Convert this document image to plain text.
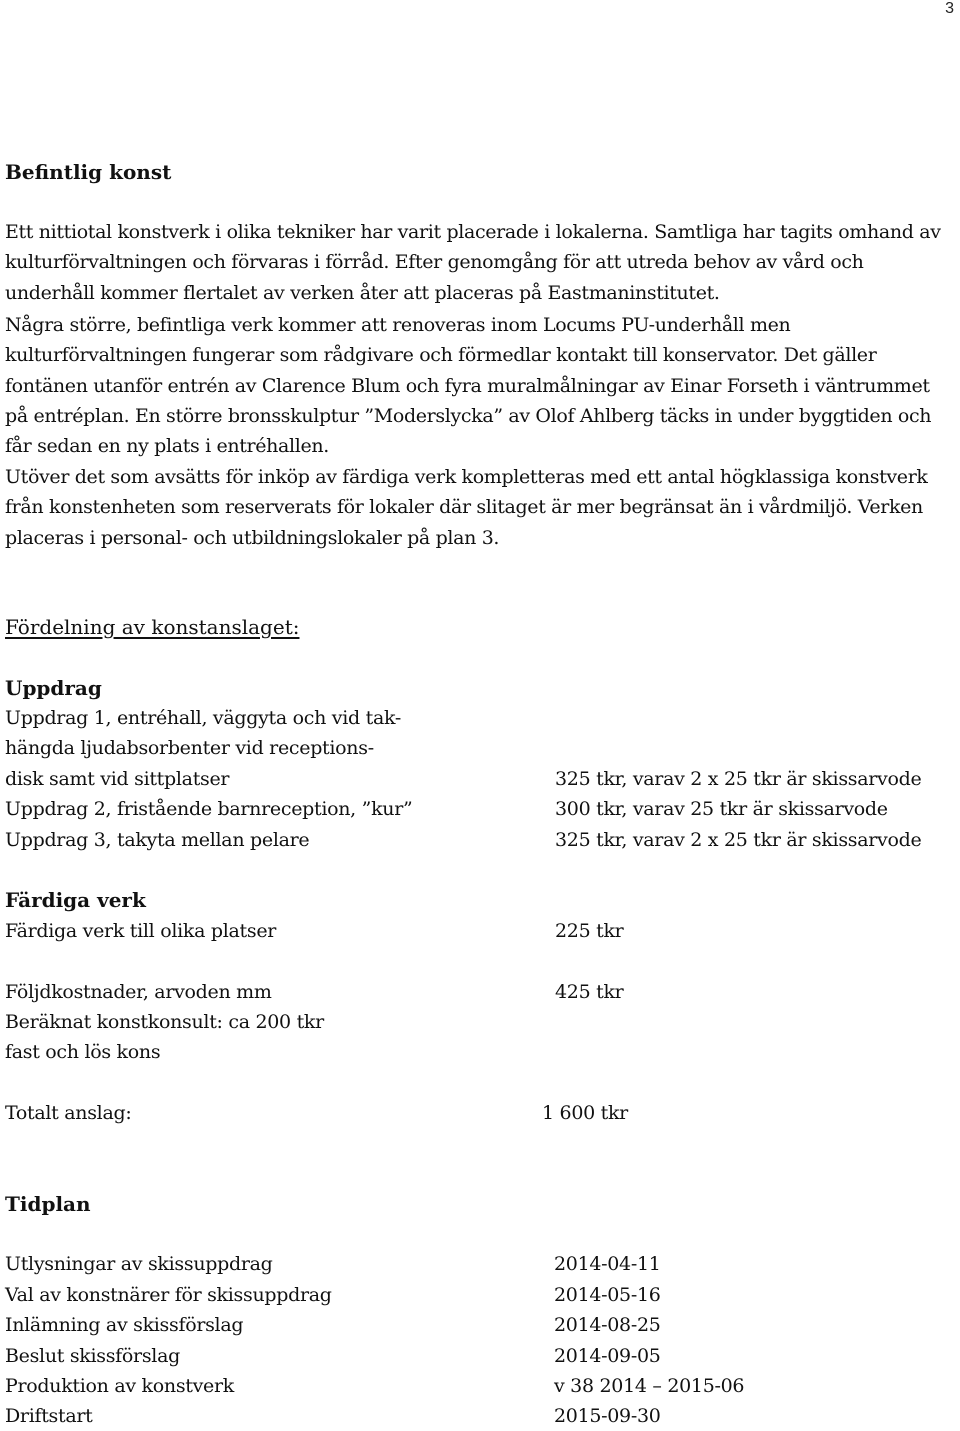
3
Befintlig konst
Ett nittiotal konstverk i olika tekniker har varit placerade i lokalerna. Samtliga har tagits omhand av kulturförvaltningen och förvaras i förråd. Efter genomgång för att utreda behov av vård och underhåll kommer flertalet av verken åter att placeras på Eastmaninstitutet.
Några större, befintliga verk kommer att renoveras inom Locums PU-underhåll men kulturförvaltningen fungerar som rådgivare och förmedlar kontakt till konservator. Det gäller fontänen utanför entrén av Clarence Blum och fyra muralmålningar av Einar Forseth i väntrummet på entréplan. En större bronsskulptur ”Moderslycka” av Olof Ahlberg täcks in under byggtiden och får sedan en ny plats i entréhallen.
Utöver det som avsätts för inköp av färdiga verk kompletteras med ett antal högklassiga konstverk från konstenheten som reserverats för lokaler där slitaget är mer begränsat än i vårdmiljö. Verken placeras i personal- och utbildningslokaler på plan 3.
Fördelning av konstanslaget:
Uppdrag
Uppdrag 1, entréhall, väggyta och vid tak-
hängda ljudabsorbenter vid receptions-
disk samt vid sittplatser	325 tkr, varav 2 x 25 tkr är skissarvode
Uppdrag 2, fristående barnreception, ”kur”	300 tkr, varav 25 tkr är skissarvode
Uppdrag 3, takyta mellan pelare	325 tkr, varav 2 x 25 tkr är skissarvode
Färdiga verk
Färdiga verk till olika platser	225 tkr
Följdkostnader, arvoden mm	425 tkr
Beräknat konstkonsult: ca 200 tkr
fast och lös kons
Totalt anslag:	1 600 tkr
Tidplan
Utlysningar av skissuppdrag	2014-04-11
Val av konstnärer för skissuppdrag	2014-05-16
Inlämning av skissförslag	2014-08-25
Beslut skissförslag	2014-09-05
Produktion av konstverk	v 38 2014 – 2015-06
Driftstart	2015-09-30
